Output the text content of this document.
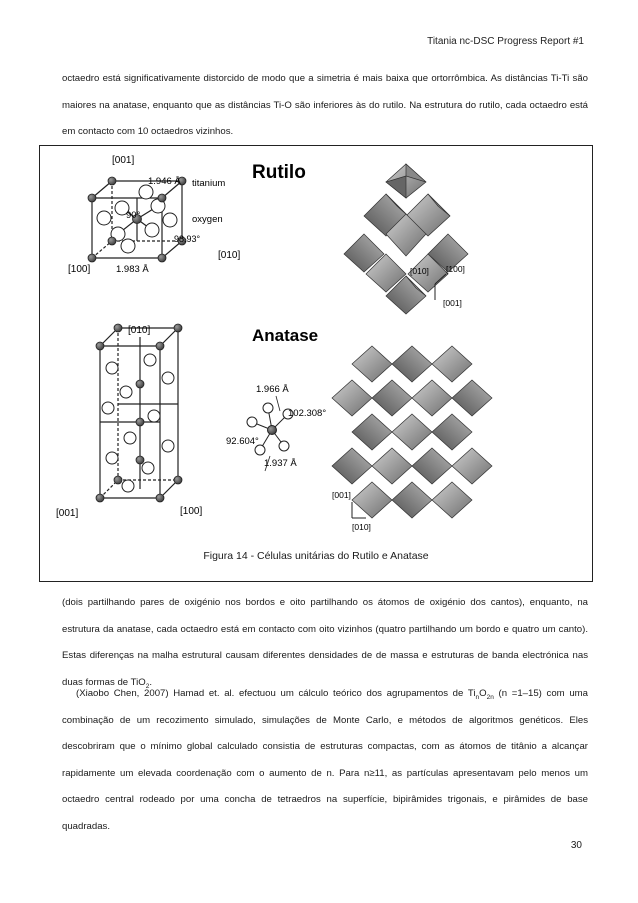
Titania nc-DSC Progress Report #1

octaedro está significativamente distorcido de modo que a simetria é mais baixa que ortorrômbica. As distâncias Ti-Ti são maiores na anatase, enquanto que as distâncias Ti-O são inferiores às do rutilo. Na estrutura do rutilo, cada octaedro está em contacto com 10 octaedros vizinhos.

[001]
1.946 Å titanium
oxygen
90°
98.93°
[100]	1.983 Å
[010]
Rutilo
[010] [100]
[001]
[010]
[001]	[100]
Anatase
1.966 Å
102.308°
92.604°
1.937 Å
[001]
[010]
Figura 14 - Células unitárias do Rutilo e Anatase

(dois partilhando pares de oxigénio nos bordos e oito partilhando os átomos de oxigénio dos cantos), enquanto, na estrutura da anatase, cada octaedro está em contacto com oito vizinhos (quatro partilhando um bordo e quatro um canto). Estas diferenças na malha estrutural causam diferentes densidades de de massa e estruturas de banda electrónica nas duas formas de TiO$_2$.

(Xiaobo Chen, 2007) Hamad et. al. efectuou um cálculo teórico dos agrupamentos de $Ti_nO_{2n}$ (n =1–15) com uma combinação de um recozimento simulado, simulações de Monte Carlo, e métodos de algoritmos genéticos. Eles descobriram que o mínimo global calculado consistia de estruturas compactas, com as átomos de titânio a alcançar rapidamente um elevada coordenação com o aumento de n. Para n≥11, as partículas apresentavam pelo menos um octaedro central rodeado por uma concha de tetraedros na superfície, bipirâmides trigonais, e pirâmides de base quadradas.

30
